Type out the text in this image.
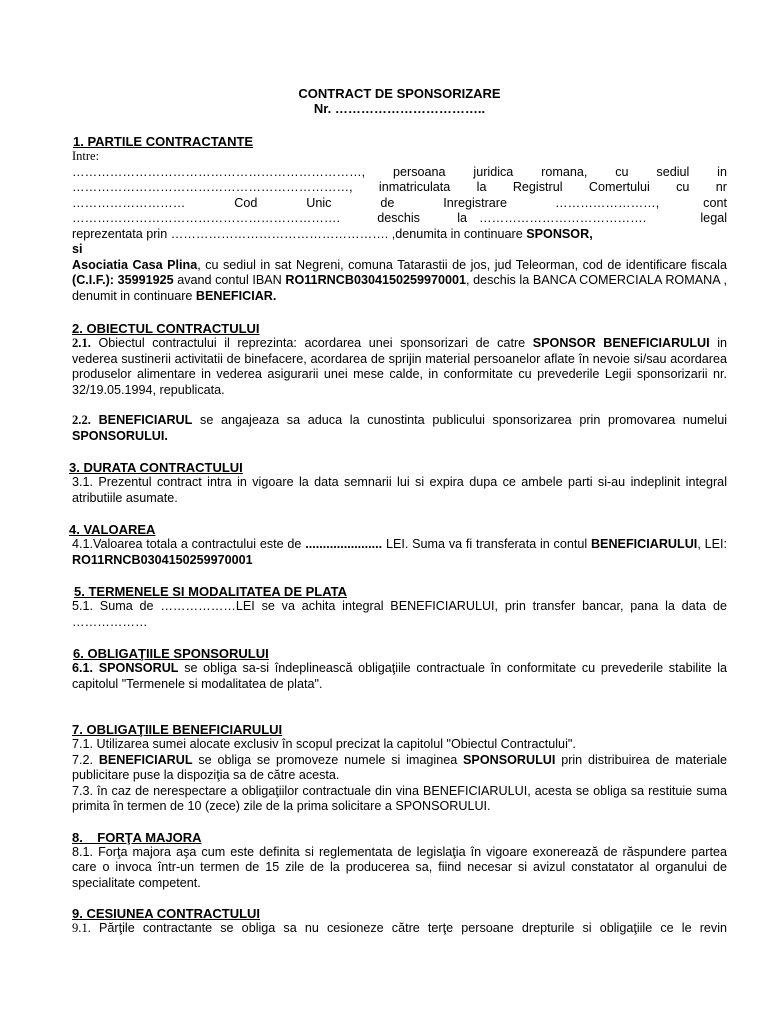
CONTRACT DE SPONSORIZARE
Nr. ……………………………..
1. PARTILE CONTRACTANTE
Intre:
……………………………………………………………, persoana juridica romana, cu sediul in
…………………………………………………………, inmatriculata la Registrul Comertului cu nr
……………………… Cod Unic de Inregistrare	……………………, cont
………………………………………………………. deschis la …………………………………. legal
reprezentata prin ……………………………………………. ,denumita in continuare SPONSOR,
si
Asociatia Casa Plina, cu sediul in sat Negreni, comuna Tatarastii de jos, jud Teleorman, cod de identificare fiscala (C.I.F.): 35991925 avand contul IBAN RO11RNCB0304150259970001, deschis la BANCA COMERCIALA ROMANA , denumit in continuare BENEFICIAR.
2. OBIECTUL CONTRACTULUI
2.1. Obiectul contractului il reprezinta: acordarea unei sponsorizari de catre SPONSOR BENEFICIARULUI in vederea sustinerii activitatii de binefacere, acordarea de sprijin material persoanelor aflate în nevoie si/sau acordarea produselor alimentare in vederea asigurarii unei mese calde, in conformitate cu prevederile Legii sponsorizarii nr. 32/19.05.1994, republicata.
2.2. BENEFICIARUL se angajeaza sa aduca la cunostinta publicului sponsorizarea prin promovarea numelui SPONSORULUI.
3. DURATA CONTRACTULUI
3.1. Prezentul contract intra in vigoare la data semnarii lui si expira dupa ce ambele parti si-au indeplinit integral atributiile asumate.
4. VALOAREA
4.1.Valoarea totala a contractului este de ...................... LEI. Suma va fi transferata in contul BENEFICIARULUI, LEI: RO11RNCB0304150259970001
5. TERMENELE SI MODALITATEA DE PLATA
5.1. Suma de ………………LEI se va achita integral BENEFICIARULUI, prin transfer bancar, pana la data de ………………
6. OBLIGAŢIILE SPONSORULUI
6.1. SPONSORUL se obliga sa-si îndeplinească obligaţiile contractuale în conformitate cu prevederile stabilite la capitolul "Termenele si modalitatea de plata".
7. OBLIGAŢIILE BENEFICIARULUI
7.1. Utilizarea sumei alocate exclusiv în scopul precizat la capitolul "Obiectul Contractului".
7.2. BENEFICIARUL se obliga se promoveze numele si imaginea SPONSORULUI prin distribuirea de materiale publicitare puse la dispoziţia sa de către acesta.
7.3. în caz de nerespectare a obligaţiilor contractuale din vina BENEFICIARULUI, acesta se obliga sa restituie suma primita în termen de 10 (zece) zile de la prima solicitare a SPONSORULUI.
8.    FORŢA MAJORA
8.1. Forţa majora aşa cum este definita si reglementata de legislaţia în vigoare exonerează de răspundere partea care o invoca într-un termen de 15 zile de la producerea sa, fiind necesar si avizul constatator al organului de specialitate competent.
9. CESIUNEA CONTRACTULUI
9.1. Părţile contractante se obliga sa nu cesioneze către terţe persoane drepturile si obligaţiile ce le revin
